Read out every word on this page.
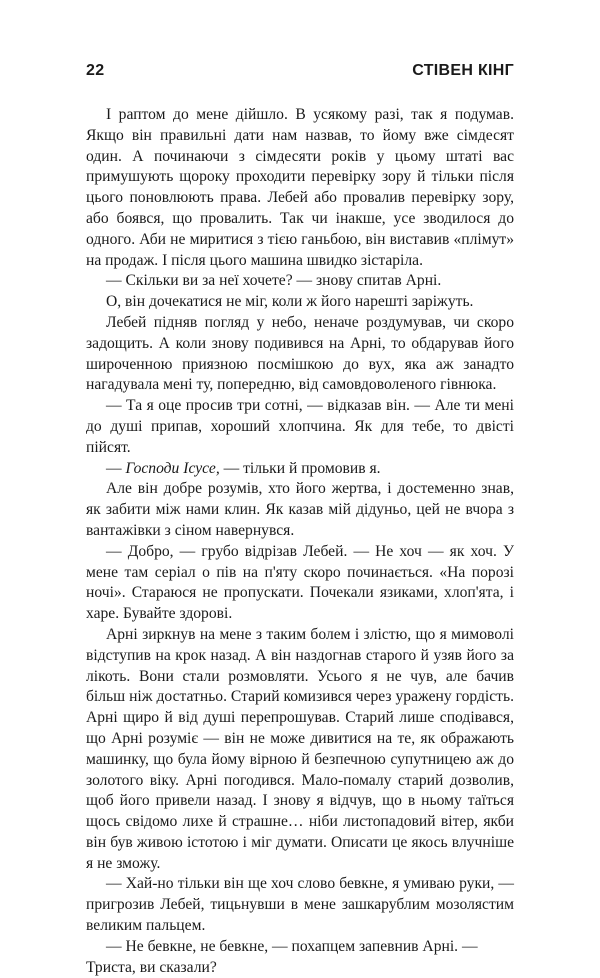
22	СТІВЕН КІНГ

І раптом до мене дійшло. В усякому разі, так я подумав. Якщо він правильні дати нам назвав, то йому вже сімдесят один. А починаючи з сімдесяти років у цьому штаті вас примушують щороку проходити перевірку зору й тільки після цього поновлюють права. Лебей або провалив перевірку зору, або боявся, що провалить. Так чи інакше, усе зводилося до одного. Аби не миритися з тією ганьбою, він виставив «плімут» на продаж. І після цього машина швидко зістаріла.

— Скільки ви за неї хочете? — знову спитав Арні.

О, він дочекатися не міг, коли ж його нарешті заріжуть.

Лебей підняв погляд у небо, неначе роздумував, чи скоро задощить. А коли знову подивився на Арні, то обдарував його широченною приязною посмішкою до вух, яка аж занадто нагадувала мені ту, попередню, від самовдоволеного гівнюка.

— Та я оце просив три сотні, — відказав він. — Але ти мені до душі припав, хороший хлопчина. Як для тебе, то двісті пійсят.

— Господи Ісусе, — тільки й промовив я.

Але він добре розумів, хто його жертва, і достеменно знав, як забити між нами клин. Як казав мій дідуньо, цей не вчора з вантажівки з сіном навернувся.

— Добро, — грубо відрізав Лебей. — Не хоч — як хоч. У мене там серіал о пів на п'яту скоро починається. «На порозі ночі». Стараюся не пропускати. Почекали язиками, хлоп'ята, і харе. Бувайте здорові.

Арні зиркнув на мене з таким болем і злістю, що я мимоволі відступив на крок назад. А він наздогнав старого й узяв його за лікоть. Вони стали розмовляти. Усього я не чув, але бачив більш ніж достатньо. Старий комизився через уражену гордість. Арні щиро й від душі перепрошував. Старий лише сподівався, що Арні розуміє — він не може дивитися на те, як ображають машинку, що була йому вірною й безпечною супутницею аж до золотого віку. Арні погодився. Мало-помалу старий дозволив, щоб його привели назад. І знову я відчув, що в ньому таїться щось свідомо лихе й страшне… ніби листопадовий вітер, якби він був живою істотою і міг думати. Описати це якось влучніше я не зможу.

— Хай-но тільки він ще хоч слово бевкне, я умиваю руки, — пригрозив Лебей, тицьнувши в мене зашкарублим мозолястим великим пальцем.

— Не бевкне, не бевкне, — похапцем запевнив Арні. — Триста, ви сказали?
